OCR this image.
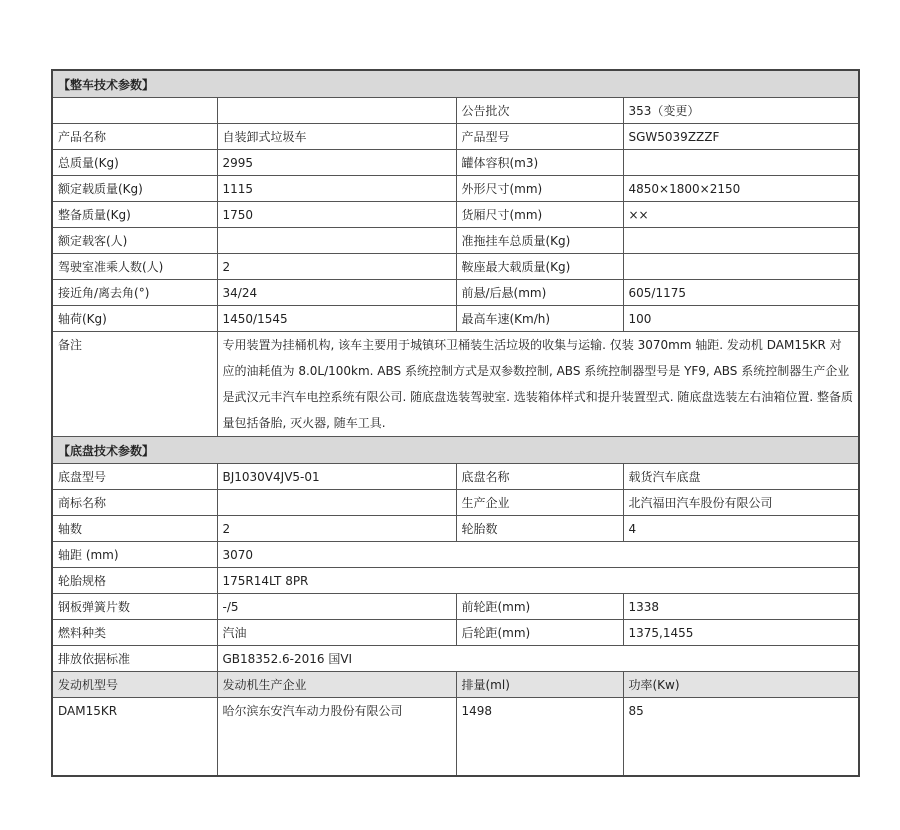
【整车技术参数】			
		公告批次	353（变更）
产品名称	自装卸式垃圾车	产品型号	SGW5039ZZZF
总质量(Kg)	2995	罐体容积(m3)	
额定载质量(Kg)	1115	外形尺寸(mm)	4850×1800×2150
整备质量(Kg)	1750	货厢尺寸(mm)	××
额定载客(人)		准拖挂车总质量(Kg)	
驾驶室准乘人数(人)	2	鞍座最大载质量(Kg)	
接近角/离去角(°)	34/24	前悬/后悬(mm)	605/1175
轴荷(Kg)	1450/1545	最高车速(Km/h)	100
备注	专用装置为挂桶机构, 该车主要用于城镇环卫桶装生活垃圾的收集与运输. 仅装 3070mm 轴距. 发动机 DAM15KR 对应的油耗值为 8.0L/100km. ABS 系统控制方式是双参数控制, ABS 系统控制器型号是 YF9, ABS 系统控制器生产企业是武汉元丰汽车电控系统有限公司. 随底盘选装驾驶室. 选装箱体样式和提升装置型式. 随底盘选装左右油箱位置. 整备质量包括备胎, 灭火器, 随车工具.		
【底盘技术参数】			
底盘型号	BJ1030V4JV5-01	底盘名称	载货汽车底盘
商标名称		生产企业	北汽福田汽车股份有限公司
轴数	2	轮胎数	4
轴距 (mm)	3070		
轮胎规格	175R14LT 8PR		
钢板弹簧片数	-/5	前轮距(mm)	1338
燃料种类	汽油	后轮距(mm)	1375,1455
排放依据标准	GB18352.6-2016 国VI		
发动机型号	发动机生产企业	排量(ml)	功率(Kw)
DAM15KR	哈尔滨东安汽车动力股份有限公司	1498	85
